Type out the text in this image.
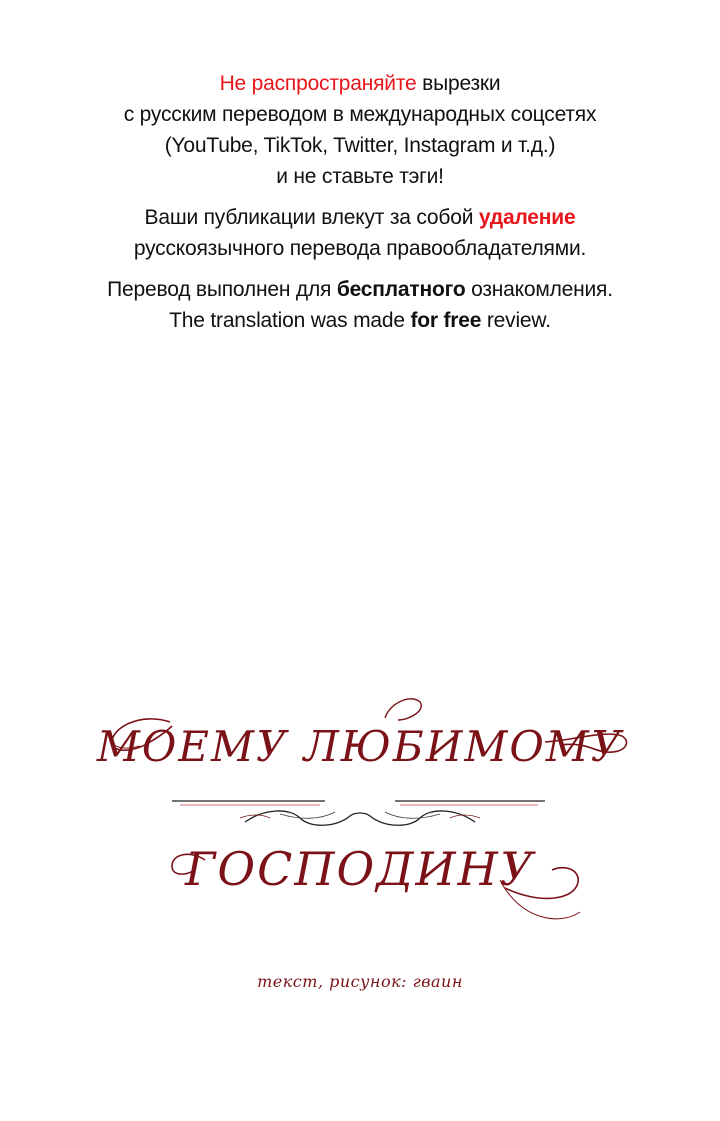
Не распространяйте вырезки

с русским переводом в международных соцсетях

(YouTube, TikTok, Twitter, Instagram и т.д.)

и не ставьте тэги!

Ваши публикации влекут за собой удаление

русскоязычного перевода правообладателями.

Перевод выполнен для бесплатного ознакомления.

The translation was made for free review.

МОЕМУ ЛЮБИМОМУ
ГОСПОДИНУ
текст, рисунок: гваин
